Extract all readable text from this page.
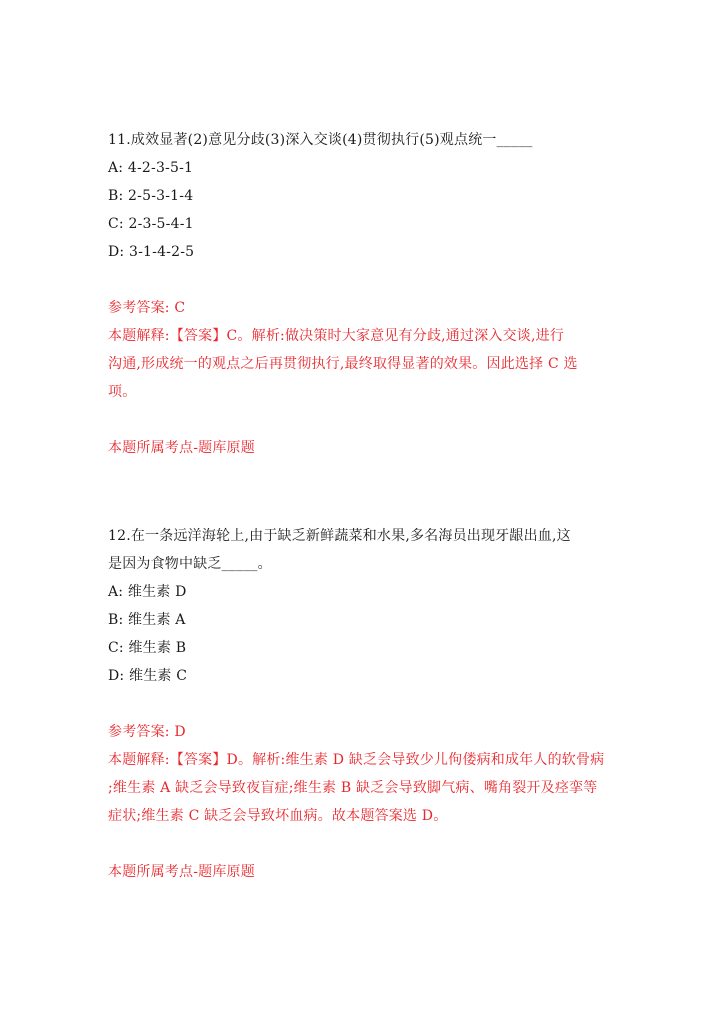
11.成效显著(2)意见分歧(3)深入交谈(4)贯彻执行(5)观点统一_____
A: 4-2-3-5-1
B: 2-5-3-1-4
C: 2-3-5-4-1
D: 3-1-4-2-5
参考答案: C
本题解释:【答案】C。解析:做决策时大家意见有分歧,通过深入交谈,进行
沟通,形成统一的观点之后再贯彻执行,最终取得显著的效果。因此选择 C 选
项。
本题所属考点-题库原题
12.在一条远洋海轮上,由于缺乏新鲜蔬菜和水果,多名海员出现牙龈出血,这
是因为食物中缺乏_____。
A: 维生素 D
B: 维生素 A
C: 维生素 B
D: 维生素 C
参考答案: D
本题解释:【答案】D。解析:维生素 D 缺乏会导致少儿佝偻病和成年人的软骨病
;维生素 A 缺乏会导致夜盲症;维生素 B 缺乏会导致脚气病、嘴角裂开及痉挛等
症状;维生素 C 缺乏会导致坏血病。故本题答案选 D。
本题所属考点-题库原题
